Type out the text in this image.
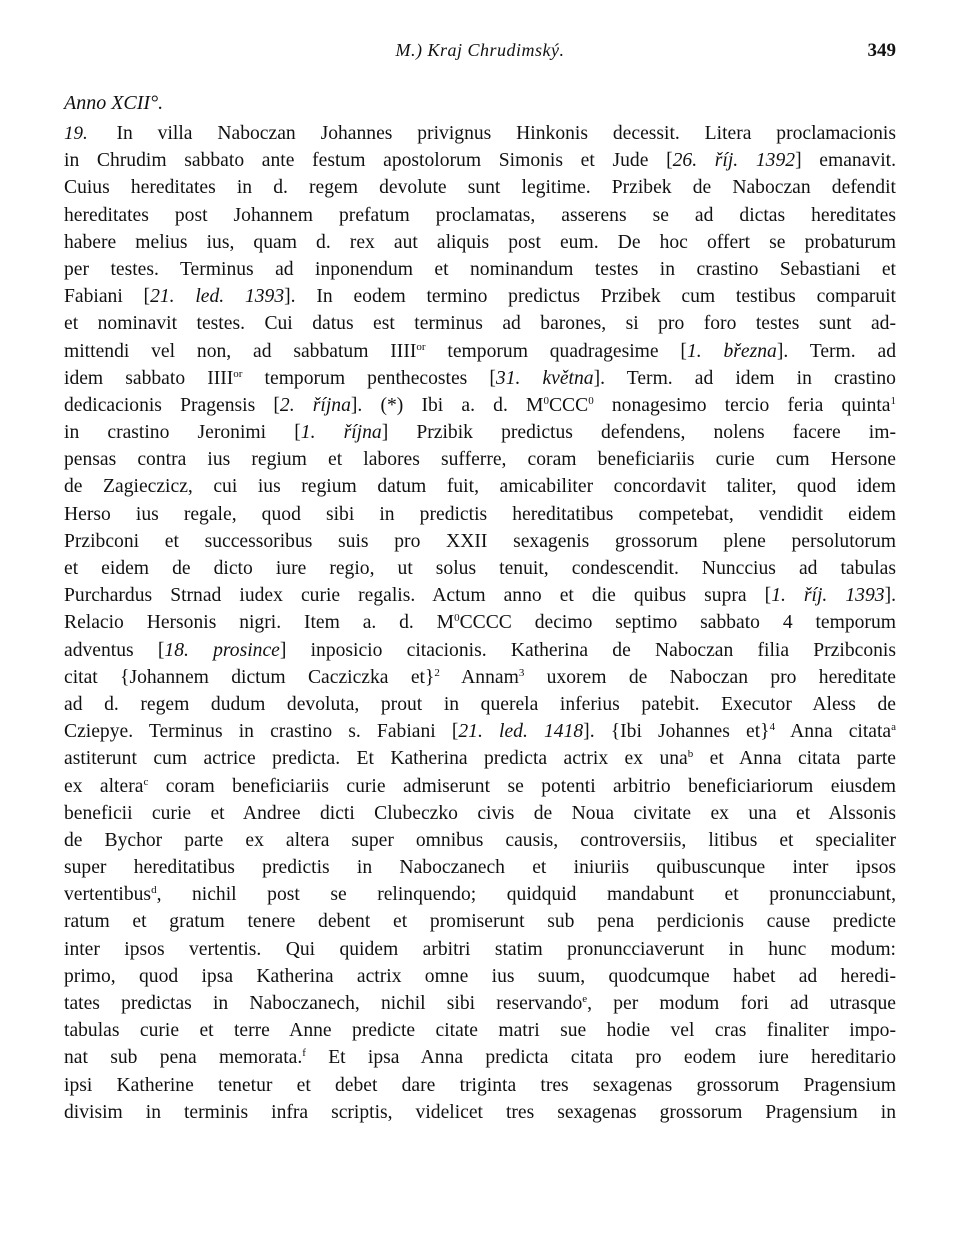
M.) Kraj Chrudimský.	349
Anno XCII°.

19. In villa Naboczan Johannes privignus Hinkonis decessit. Litera proclamacionis

in Chrudim sabbato ante festum apostolorum Simonis et Jude [26. říj. 1392] emanavit.

Cuius hereditates in d. regem devolute sunt legitime. Przibek de Naboczan defendit

hereditates post Johannem prefatum proclamatas, asserens se ad dictas hereditates

habere melius ius, quam d. rex aut aliquis post eum. De hoc offert se probaturum

per testes. Terminus ad inponendum et nominandum testes in crastino Sebastiani et

Fabiani [21. led. 1393]. In eodem termino predictus Przibek cum testibus comparuit

et nominavit testes. Cui datus est terminus ad barones, si pro foro testes sunt ad-

mittendi vel non, ad sabbatum $IIII^{or}$ temporum quadragesime [1. března]. Term. ad

idem sabbato $IIII^{or}$ temporum penthecostes [31. května]. Term. ad idem in crastino

dedicacionis Pragensis [2. října]. (*) Ibi a. d. $M^0CCC^0$ nonagesimo tercio feria quinta$^1$

in crastino Jeronimi [1. října] Przibik predictus defendens, nolens facere im-

pensas contra ius regium et labores sufferre, coram beneficiariis curie cum Hersone

de Zagieczicz, cui ius regium datum fuit, amicabiliter concordavit taliter, quod idem

Herso ius regale, quod sibi in predictis hereditatibus competebat, vendidit eidem

Przibconi et successoribus suis pro XXII sexagenis grossorum plene persolutorum

et eidem de dicto iure regio, ut solus tenuit, condescendit. Nunccius ad tabulas

Purchardus Strnad iudex curie regalis. Actum anno et die quibus supra [1. říj. 1393].

Relacio Hersonis nigri. Item a. d. $M^0CCCC$ decimo septimo sabbato 4 temporum

adventus [18. prosince] inposicio citacionis. Katherina de Naboczan filia Przibconis

citat {Johannem dictum Cacziczka et}$^2$ Annam$^3$ uxorem de Naboczan pro hereditate

ad d. regem dudum devoluta, prout in querela inferius patebit. Executor Aless de

Cziepye. Terminus in crastino s. Fabiani [21. led. 1418]. {Ibi Johannes et}$^4$ Anna citata$^a$

astiterunt cum actrice predicta. Et Katherina predicta actrix ex una$^b$ et Anna citata parte

ex altera$^c$ coram beneficiariis curie admiserunt se potenti arbitrio beneficiariorum eiusdem

beneficii curie et Andree dicti Clubeczko civis de Noua civitate ex una et Alssonis

de Bychor parte ex altera super omnibus causis, controversiis, litibus et specialiter

super hereditatibus predictis in Naboczanech et iniuriis quibuscunque inter ipsos

vertentibus$^d$, nichil post se relinquendo; quidquid mandabunt et pronuncciabunt,

ratum et gratum tenere debent et promiserunt sub pena perdicionis cause predicte

inter ipsos vertentis. Qui quidem arbitri statim pronuncciaverunt in hunc modum:

primo, quod ipsa Katherina actrix omne ius suum, quodcumque habet ad heredi-

tates predictas in Naboczanech, nichil sibi reservando$^e$, per modum fori ad utrasque

tabulas curie et terre Anne predicte citate matri sue hodie vel cras finaliter impo-

nat sub pena memorata.$^f$ Et ipsa Anna predicta citata pro eodem iure hereditario

ipsi Katherine tenetur et debet dare triginta tres sexagenas grossorum Pragensium

divisim in terminis infra scriptis, videlicet tres sexagenas grossorum Pragensium in
